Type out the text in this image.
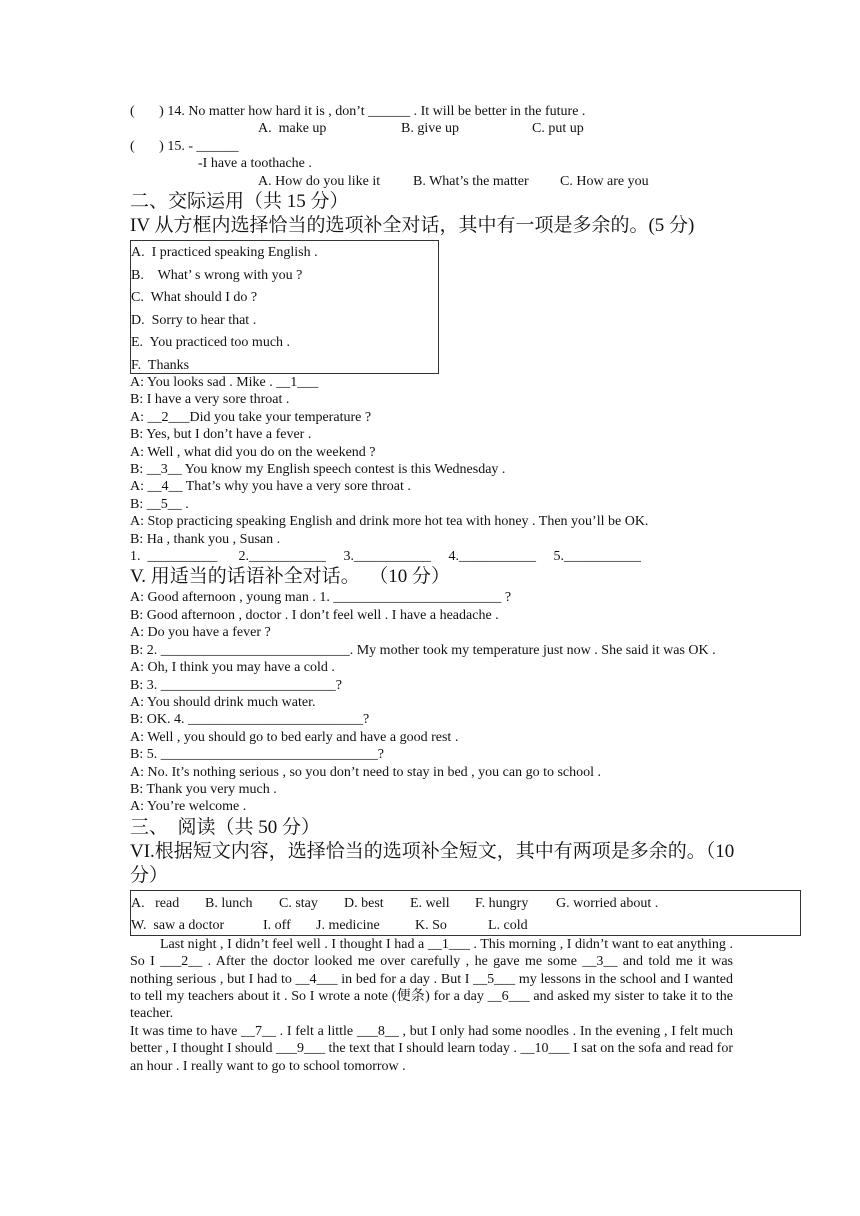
(       ) 14. No matter how hard it is , don’t ______ . It will be better in the future .
A.  make up	B. give up	C. put up
(       ) 15. - ______
-I have a toothache .
A. How do you like it B. What’s the matter C. How are you
二、交际运用（共 15 分）
IV 从方框内选择恰当的选项补全对话，其中有一项是多余的。(5 分)
A.  I practiced speaking English .
B.    What’ s wrong with you ?
C.  What should I do ?
D.  Sorry to hear that .
E.  You practiced too much .
F.  Thanks
A: You looks sad . Mike . __1___
B: I have a very sore throat .
A: __2___Did you take your temperature ?
B: Yes, but I don’t have a fever .
A: Well , what did you do on the weekend ?
B: __3__ You know my English speech contest is this Wednesday .
A: __4__ That’s why you have a very sore throat .
B: __5__ .
A: Stop practicing speaking English and drink more hot tea with honey . Then you’ll be OK.
B: Ha , thank you , Susan .
1.  __________      2.___________     3.___________     4.___________     5.___________
V. 用适当的话语补全对话。  （10 分）
A: Good afternoon , young man . 1. ________________________ ?
B: Good afternoon , doctor . I don’t feel well . I have a headache .
A: Do you have a fever ?
B: 2. ___________________________. My mother took my temperature just now . She said it was OK .
A: Oh, I think you may have a cold .
B: 3. _________________________?
A: You should drink much water.
B: OK. 4. _________________________?
A: Well , you should go to bed early and have a good rest .
B: 5. _______________________________?
A: No. It’s nothing serious , so you don’t need to stay in bed , you can go to school .
B: Thank you very much .
A: You’re welcome .
三、  阅读（共 50 分）
VI.根据短文内容，选择恰当的选项补全短文，其中有两项是多余的。（10 分）

A.   read

B. lunch

C. stay

D. best

E. well

F. hungry

G. worried about .

W.  saw a doctor

	I. off

J. medicine

	K. So

	L. cold

Last night , I didn’t feel well . I thought I had a __1___ . This morning , I didn’t want to eat anything . So I ___2__ . After the doctor looked me over carefully , he gave me some __3__ and told me it was nothing serious , but I had to __4___ in bed for a day . But I __5___ my lessons in the school and I wanted to tell my teachers about it . So I wrote a note (便条) for a day __6___ and asked my sister to take it to the teacher.
It was time to have __7__ . I felt a little ___8__ , but I only had some noodles . In the evening , I felt much better , I thought I should ___9___ the text that I should learn today . __10___ I sat on the sofa and read for an hour . I really want to go to school tomorrow .
